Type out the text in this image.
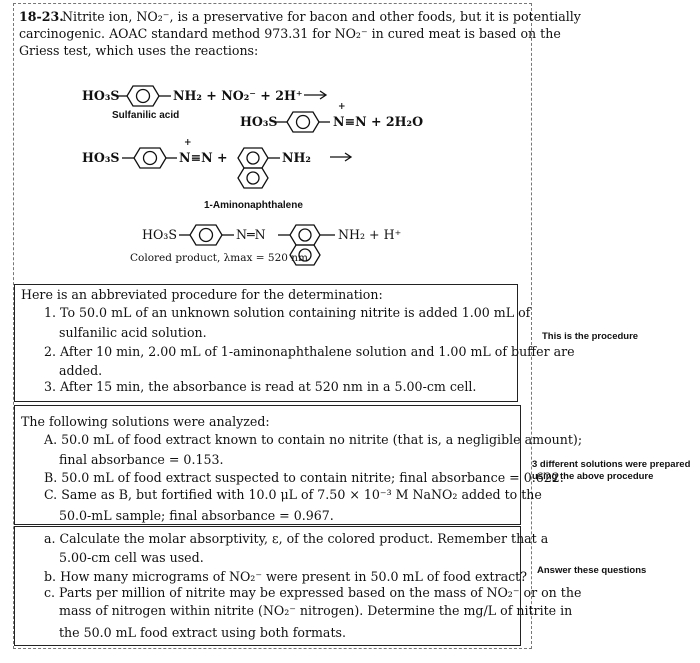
18-23.
Nitrite ion, NO₂⁻, is a preservative for bacon and other foods, but it is potentially
carcinogenic. AOAC standard method 973.31 for NO₂⁻ in cured meat is based on the
Griess test, which uses the reactions:
HO₃S	NH₂ + NO₂⁻ + 2H⁺
Sulfanilic acid	HO₃S
+
N≡N + 2H₂O
HO₃S
+
N≡N +	NH₂
1-Aminonaphthalene
HO₃S	N═N	NH₂ + H⁺
Colored product, λmax = 520 nm
Here is an abbreviated procedure for the determination:
1. To 50.0 mL of an unknown solution containing nitrite is added 1.00 mL of
sulfanilic acid solution.
2. After 10 min, 2.00 mL of 1-aminonaphthalene solution and 1.00 mL of buffer are
added.
3. After 15 min, the absorbance is read at 520 nm in a 5.00-cm cell.
The following solutions were analyzed:
A. 50.0 mL of food extract known to contain no nitrite (that is, a negligible amount);
final absorbance = 0.153.
B. 50.0 mL of food extract suspected to contain nitrite; final absorbance = 0.622.
C. Same as B, but fortified with 10.0 μL of 7.50 × 10⁻³ M NaNO₂ added to the
50.0-mL sample; final absorbance = 0.967.
a. Calculate the molar absorptivity, ε, of the colored product. Remember that a
5.00-cm cell was used.
b. How many micrograms of NO₂⁻ were present in 50.0 mL of food extract?
c. Parts per million of nitrite may be expressed based on the mass of NO₂⁻ or on the
mass of nitrogen within nitrite (NO₂⁻ nitrogen). Determine the mg/L of nitrite in
the 50.0 mL food extract using both formats.
This is the procedure
3 different solutions were prepared
using the above procedure
Answer these questions
